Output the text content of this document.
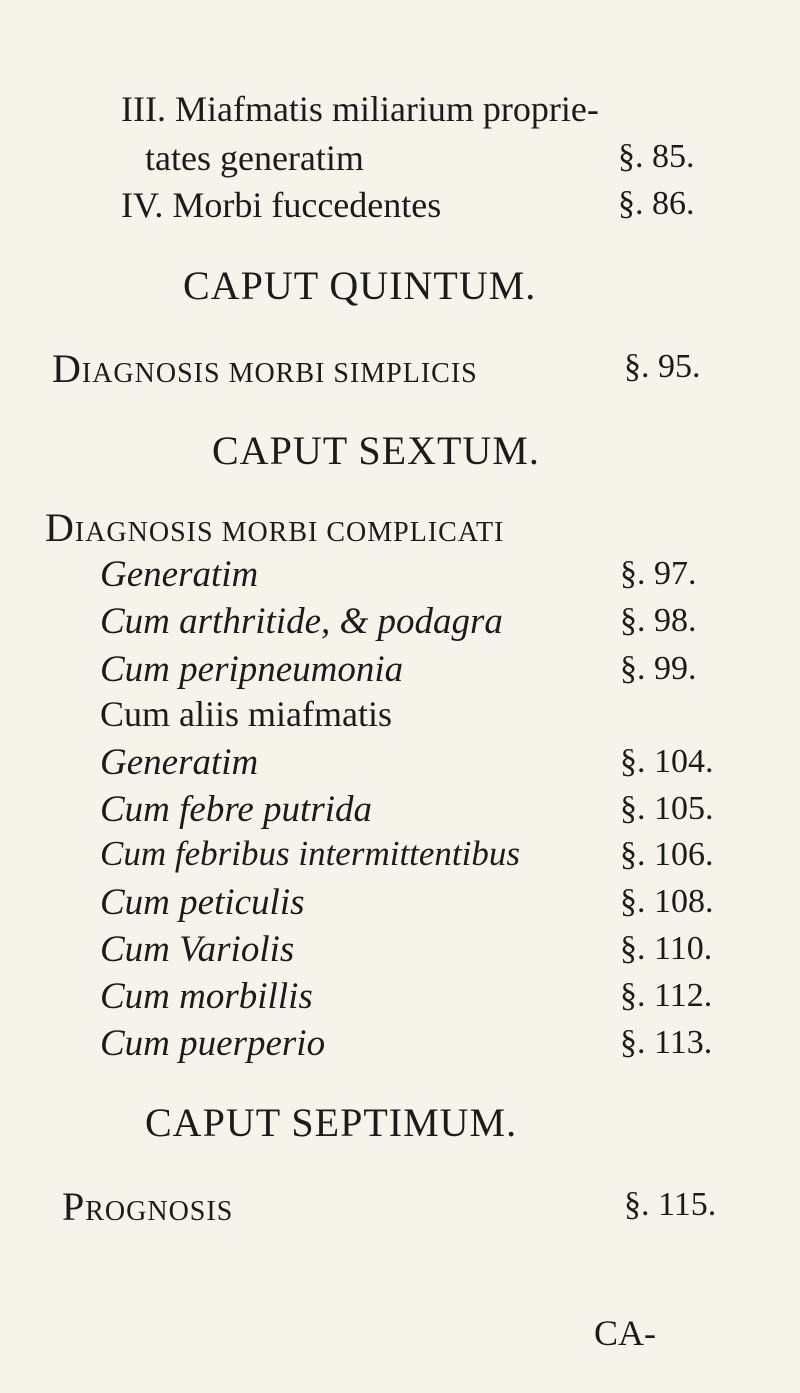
III. Miafmatis miliarium proprie-
tates generatim	§. 85.
IV. Morbi fuccedentes	§. 86.
CAPUT QUINTUM.
DIAGNOSIS MORBI SIMPLICIS	§. 95.
CAPUT SEXTUM.
DIAGNOSIS MORBI COMPLICATI
Generatim	§. 97.
Cum arthritide, & podagra	§. 98.
Cum peripneumonia	§. 99.
Cum aliis miafmatis
Generatim	§. 104.
Cum febre putrida	§. 105.
Cum febribus intermittentibus	§. 106.
Cum peticulis	§. 108.
Cum Variolis	§. 110.
Cum morbillis	§. 112.
Cum puerperio	§. 113.
CAPUT SEPTIMUM.
PROGNOSIS	§. 115.
CA-
